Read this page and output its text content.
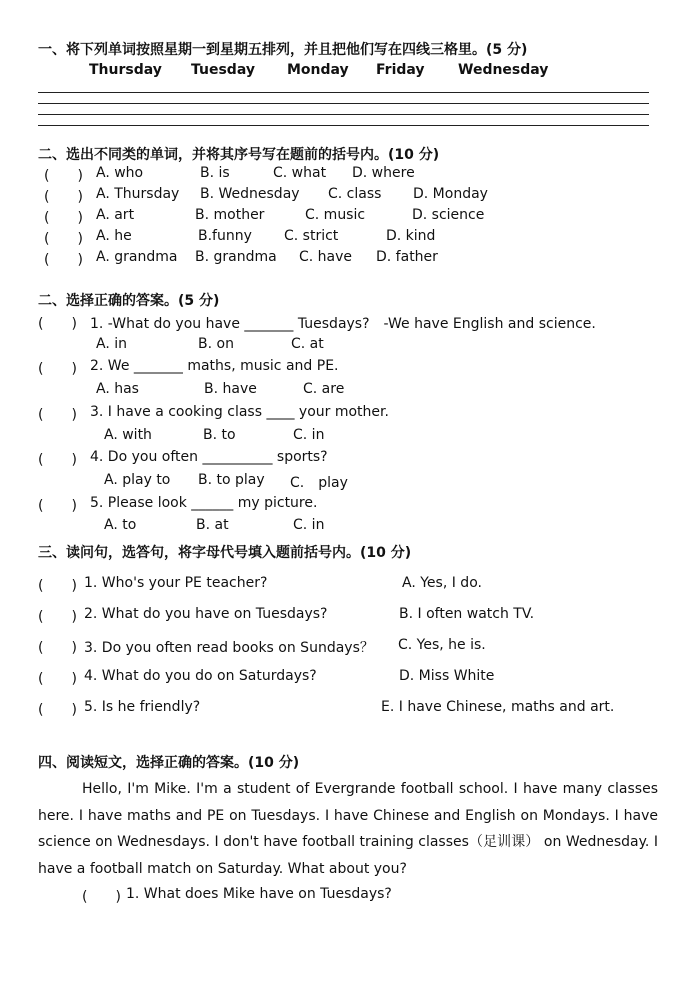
一、将下列单词按照星期一到星期五排列，并且把他们写在四线三格里。(5 分)
Thursday Tuesday Monday Friday Wednesday
二、选出不同类的单词，并将其序号写在题前的括号内。(10 分)
(　　) A. who	B. is	C. what D. where
(　　) A. Thursday B. Wednesday C. class D. Monday
(　　) A. art	B. mother	C. music	D. science
(　　) A. he	B.funny C. strict	D. kind
(　　) A. grandma B. grandma C. have D. father
二、选择正确的答案。(5 分)
(　　) 1. -What do you have _______ Tuesdays?　-We have English and science.
A. in	B. on	C. at
(　　) 2. We _______ maths, music and PE.
A. has	B. have	C. are
(　　) 3. I have a cooking class ____ your mother.
A. with	B. to	C. in
(　　) 4. Do you often __________ sports?
A. play to B. to play C.　play
(　　) 5. Please look ______ my picture.
A. to	B. at	C. in
三、读问句，选答句，将字母代号填入题前括号内。(10 分)
(　　) 1. Who's your PE teacher?	A. Yes, I do.
(　　) 2. What do you have on Tuesdays?	B. I often watch TV.
(　　) 3. Do you often read books on Sundays？ C. Yes, he is.
(　　) 4. What do you do on Saturdays?	D. Miss White
(　　) 5. Is he friendly?	E. I have Chinese, maths and art.
四、阅读短文，选择正确的答案。(10 分)
Hello, I'm Mike. I'm a student of Evergrande football school. I have many classes here. I have maths and PE on Tuesdays. I have Chinese and English on Mondays. I have science on Wednesdays. I don't have football training classes（足训课） on Wednesday. I have a football match on Saturday. What about you?
(　　) 1. What does Mike have on Tuesdays?
